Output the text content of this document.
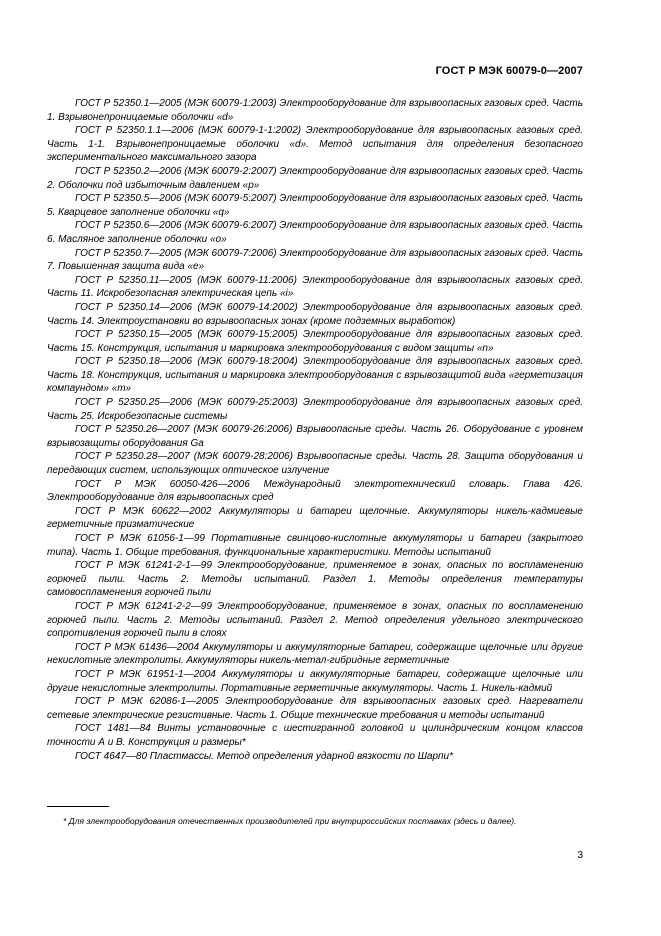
ГОСТ Р МЭК 60079-0—2007

ГОСТ Р 52350.1—2005 (МЭК 60079-1:2003) Электрооборудование для взрывоопасных газовых сред. Часть 1. Взрывонепроницаемые оболочки «d»

ГОСТ Р 52350.1.1—2006 (МЭК 60079-1-1:2002) Электрооборудование для взрывоопасных газовых сред. Часть 1-1. Взрывонепроницаемые оболочки «d». Метод испытания для определения безопасного экспериментального максимального зазора

ГОСТ Р 52350.2—2006 (МЭК 60079-2:2007) Электрооборудование для взрывоопасных газовых сред. Часть 2. Оболочки под избыточным давлением «p»

ГОСТ Р 52350.5—2006 (МЭК 60079-5:2007) Электрооборудование для взрывоопасных газовых сред. Часть 5. Кварцевое заполнение оболочки «q»

ГОСТ Р 52350.6—2006 (МЭК 60079-6:2007) Электрооборудование для взрывоопасных газовых сред. Часть 6. Масляное заполнение оболочки «о»

ГОСТ Р 52350.7—2005 (МЭК 60079-7:2006) Электрооборудование для взрывоопасных газовых сред. Часть 7. Повышенная защита вида «е»

ГОСТ Р 52350.11—2005 (МЭК 60079-11:2006) Электрооборудование для взрывоопасных газовых сред. Часть 11. Искробезопасная электрическая цепь «i»

ГОСТ Р 52350.14—2006 (МЭК 60079-14:2002) Электрооборудование для взрывоопасных газовых сред. Часть 14. Электроустановки во взрывоопасных зонах (кроме подземных выработок)

ГОСТ Р 52350.15—2005 (МЭК 60079-15:2005) Электрооборудование для взрывоопасных газовых сред. Часть 15. Конструкция, испытания и маркировка электрооборудования с видом защиты «n»

ГОСТ Р 52350.18—2006 (МЭК 60079-18:2004) Электрооборудование для взрывоопасных газовых сред. Часть 18. Конструкция, испытания и маркировка электрооборудования с взрывозащитой вида «герметизация компаундом» «m»

ГОСТ Р 52350.25—2006 (МЭК 60079-25:2003) Электрооборудование для взрывоопасных газовых сред. Часть 25. Искробезопасные системы

ГОСТ Р 52350.26—2007 (МЭК 60079-26:2006) Взрывоопасные среды. Часть 26. Оборудование с уровнем взрывозащиты оборудования Ga

ГОСТ Р 52350.28—2007 (МЭК 60079-28:2006) Взрывоопасные среды. Часть 28. Защита оборудования и передающих систем, использующих оптическое излучение

ГОСТ Р МЭК 60050-426—2006 Международный электротехнический словарь. Глава 426. Электрооборудование для взрывоопасных сред

ГОСТ Р МЭК 60622—2002 Аккумуляторы и батареи щелочные. Аккумуляторы никель-кадмиевые герметичные призматические

ГОСТ Р МЭК 61056-1—99 Портативные свинцово-кислотные аккумуляторы и батареи (закрытого типа). Часть 1. Общие требования, функциональные характеристики. Методы испытаний

ГОСТ Р МЭК 61241-2-1—99 Электрооборудование, применяемое в зонах, опасных по воспламенению горючей пыли. Часть 2. Методы испытаний. Раздел 1. Методы определения температуры самовоспламенения горючей пыли

ГОСТ Р МЭК 61241-2-2—99 Электрооборудование, применяемое в зонах, опасных по воспламенению горючей пыли. Часть 2. Методы испытаний. Раздел 2. Метод определения удельного электрического сопротивления горючей пыли в слоях

ГОСТ Р МЭК 61436—2004 Аккумуляторы и аккумуляторные батареи, содержащие щелочные или другие некислотные электролиты. Аккумуляторы никель-метал-гибридные герметичные

ГОСТ Р МЭК 61951-1—2004 Аккумуляторы и аккумуляторные батареи, содержащие щелочные или другие некислотные электролиты. Портативные герметичные аккумуляторы. Часть 1. Никель-кадмий

ГОСТ Р МЭК 62086-1—2005 Электрооборудование для взрывоопасных газовых сред. Нагреватели сетевые электрические резистивные. Часть 1. Общие технические требования и методы испытаний

ГОСТ 1481—84 Винты установочные с шестигранной головкой и цилиндрическим концом классов точности А и В. Конструкция и размеры*

ГОСТ 4647—80 Пластмассы. Метод определения ударной вязкости по Шарпи*

* Для электрооборудования отечественных производителей при внутрироссийских поставках (здесь и далее).
3
